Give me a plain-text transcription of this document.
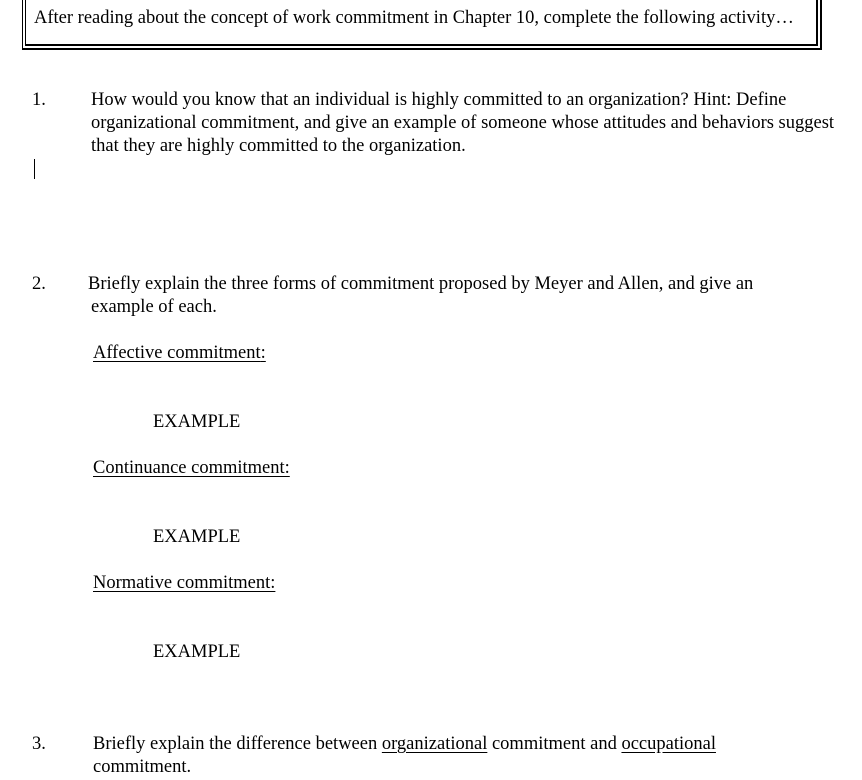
After reading about the concept of work commitment in Chapter 10, complete the following activity…
1. How would you know that an individual is highly committed to an organization? Hint: Define organizational commitment, and give an example of someone whose attitudes and behaviors suggest that they are highly committed to the organization.
2. Briefly explain the three forms of commitment proposed by Meyer and Allen, and give an
example of each.
Affective commitment:
EXAMPLE
Continuance commitment:
EXAMPLE
Normative commitment:
EXAMPLE
3.	Briefly explain the difference between organizational commitment and occupational commitment.
